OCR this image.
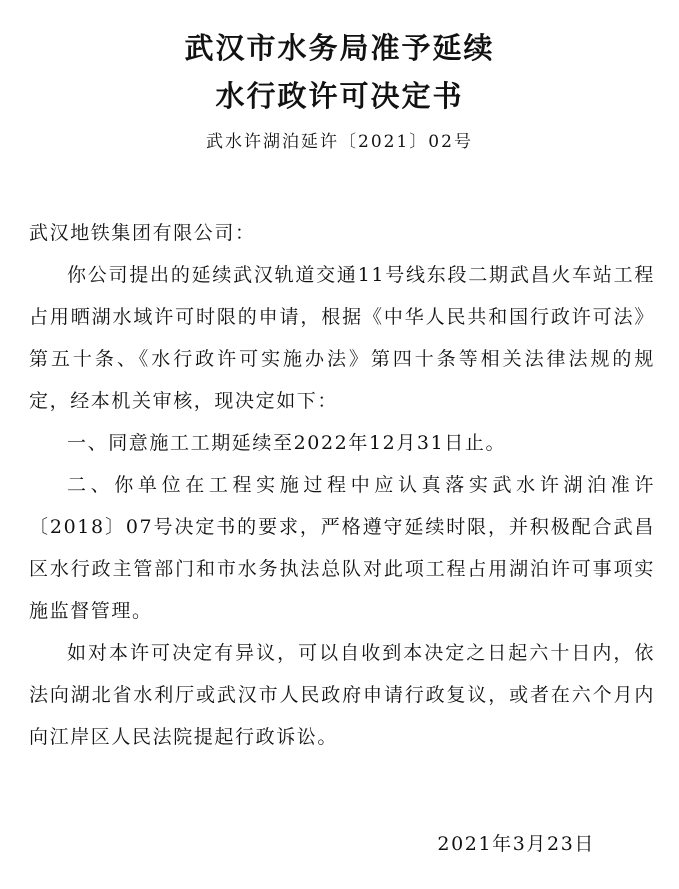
武汉市水务局准予延续
水行政许可决定书
武水许湖泊延许〔2021〕02号

武汉地铁集团有限公司：

你公司提出的延续武汉轨道交通11号线东段二期武昌火车站工程占用晒湖水域许可时限的申请，根据《中华人民共和国行政许可法》第五十条、《水行政许可实施办法》第四十条等相关法律法规的规定，经本机关审核，现决定如下：

一、同意施工工期延续至2022年12月31日止。

二、你单位在工程实施过程中应认真落实武水许湖泊准许〔2018〕07号决定书的要求，严格遵守延续时限，并积极配合武昌区水行政主管部门和市水务执法总队对此项工程占用湖泊许可事项实施监督管理。

如对本许可决定有异议，可以自收到本决定之日起六十日内，依法向湖北省水利厅或武汉市人民政府申请行政复议，或者在六个月内向江岸区人民法院提起行政诉讼。

2021年3月23日
